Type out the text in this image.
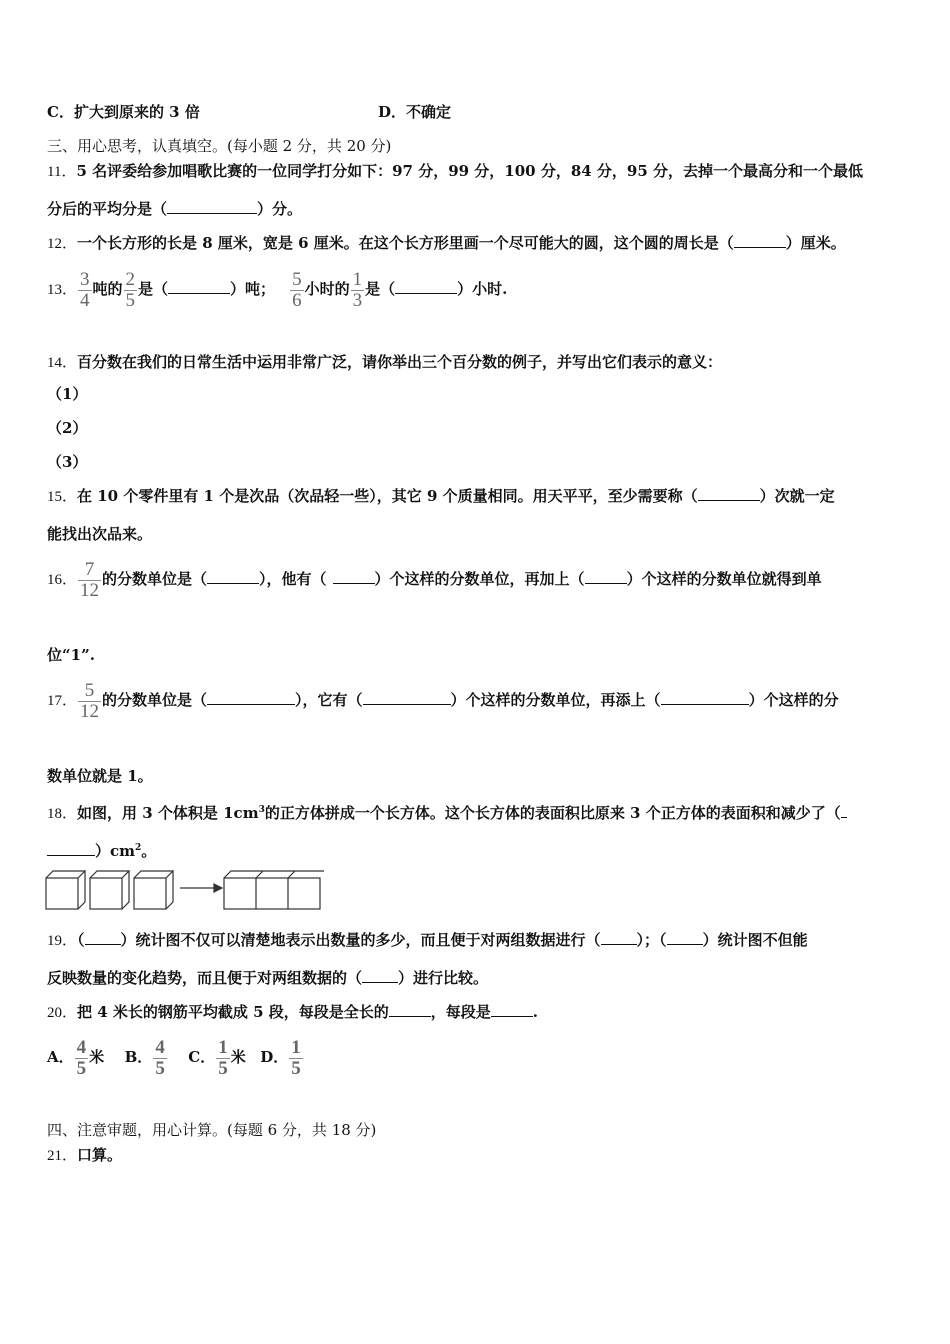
C．扩大到原来的 3 倍	D．不确定
三、用心思考，认真填空。(每小题 2 分，共 20 分)
11．5 名评委给参加唱歌比赛的一位同学打分如下：97 分，99 分，100 分，84 分，95 分，去掉一个最高分和一个最低
分后的平均分是（	）分。
12．一个长方形的长是 8 厘米，宽是 6 厘米。在这个长方形里画一个尽可能大的圆，这个圆的周长是（	）厘米。
13． $\frac{3}{4}$ 吨的 $\frac{2}{5}$ 是（	）吨； $\frac{5}{6}$ 小时的 $\frac{1}{3}$ 是（	）小时.
14．百分数在我们的日常生活中运用非常广泛，请你举出三个百分数的例子，并写出它们表示的意义：
（1）
（2）
（3）
15．在 10 个零件里有 1 个是次品（次品轻一些），其它 9 个质量相同。用天平平，至少需要称（	）次就一定
能找出次品来。
16． $\frac{7}{12}$ 的分数单位是（	），他有（	）个这样的分数单位，再加上（	）个这样的分数单位就得到单
位“1”.
17． $\frac{5}{12}$ 的分数单位是（	），它有（	）个这样的分数单位，再添上（	）个这样的分
数单位就是 1。
18．如图，用 3 个体积是 $1cm^3$的正方体拼成一个长方体。这个长方体的表面积比原来 3 个正方体的表面积和减少了（
）$cm^2$。
19．（ ）统计图不仅可以清楚地表示出数量的多少，而且便于对两组数据进行（ ）；（ ）统计图不但能
反映数量的变化趋势，而且便于对两组数据的（ ）进行比较。
20．把 4 米长的钢筋平均截成 5 段，每段是全长的	，每段是	.
A． $\frac{4}{5}$ 米 B． $\frac{4}{5}$ C． $\frac{1}{5}$ 米 D． $\frac{1}{5}$
四、注意审题，用心计算。(每题 6 分，共 18 分)
21．口算。
